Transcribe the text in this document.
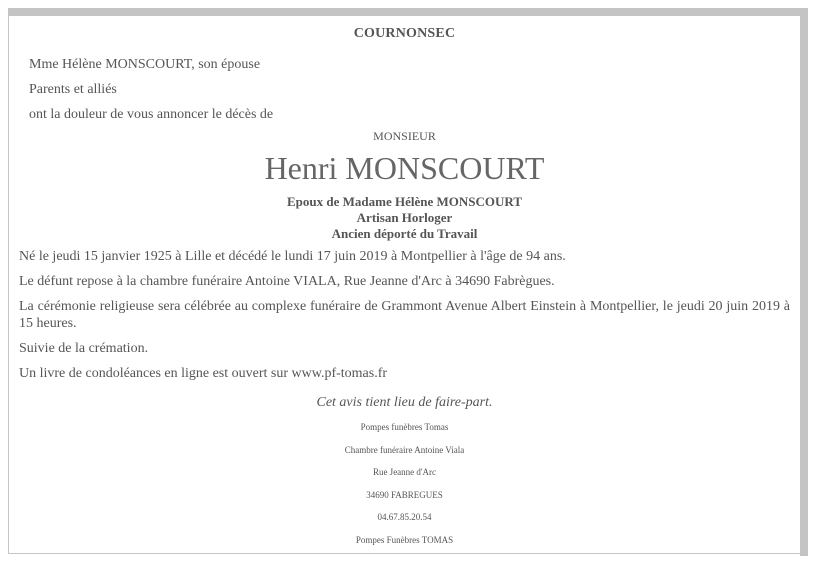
COURNONSEC
Mme Hélène MONSCOURT, son épouse
Parents et alliés
ont la douleur de vous annoncer le décès de
MONSIEUR
Henri MONSCOURT
Epoux de Madame Hélène MONSCOURT
Artisan Horloger
Ancien déporté du Travail

Né le jeudi 15 janvier 1925 à Lille et décédé le lundi 17 juin 2019 à Montpellier à l'âge de 94 ans.

Le défunt repose à la chambre funéraire Antoine VIALA, Rue Jeanne d'Arc à 34690 Fabrègues.

La cérémonie religieuse sera célébrée au complexe funéraire de Grammont Avenue Albert Einstein à Montpellier, le jeudi 20 juin 2019 à 15 heures.

Suivie de la crémation.

Un livre de condoléances en ligne est ouvert sur www.pf-tomas.fr

Cet avis tient lieu de faire-part.
Pompes funèbres Tomas
Chambre funéraire Antoine Viala
Rue Jeanne d'Arc
34690 FABREGUES
04.67.85.20.54
Pompes Funèbres TOMAS
